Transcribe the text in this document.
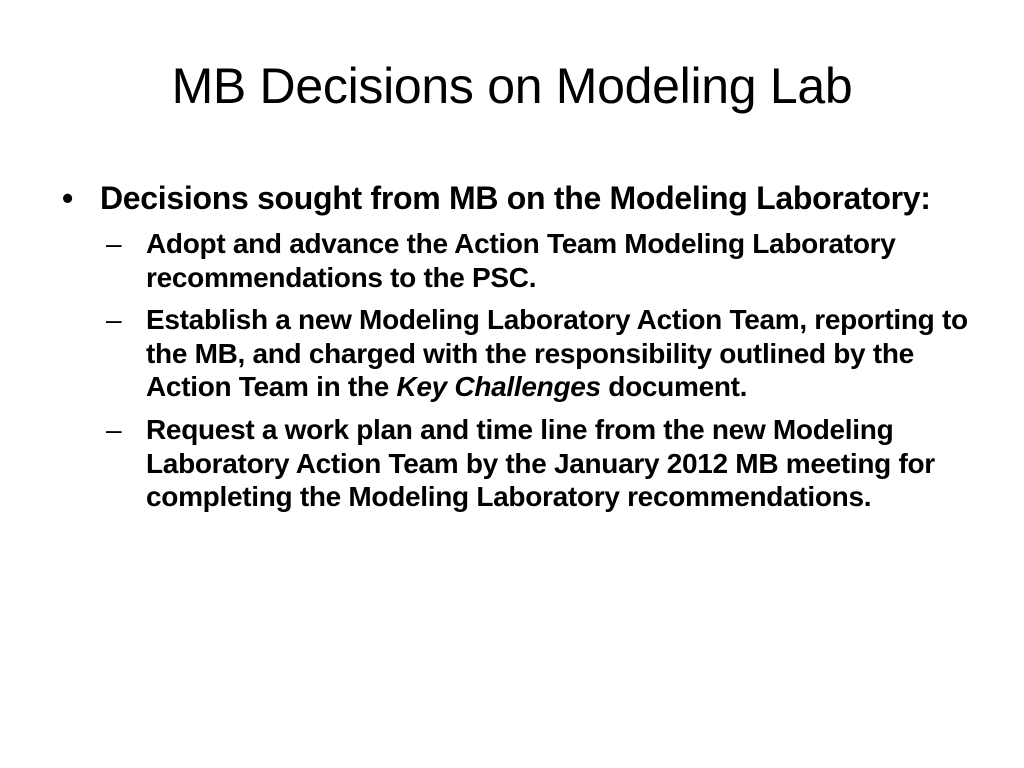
MB Decisions on Modeling Lab
• Decisions sought from MB on the Modeling Laboratory:
– Adopt and advance the Action Team Modeling Laboratory recommendations to the PSC.
– Establish a new Modeling Laboratory Action Team, reporting to the MB, and charged with the responsibility outlined by the Action Team in the Key Challenges document.
– Request a work plan and time line from the new Modeling Laboratory Action Team by the January 2012 MB meeting for completing the Modeling Laboratory recommendations.
